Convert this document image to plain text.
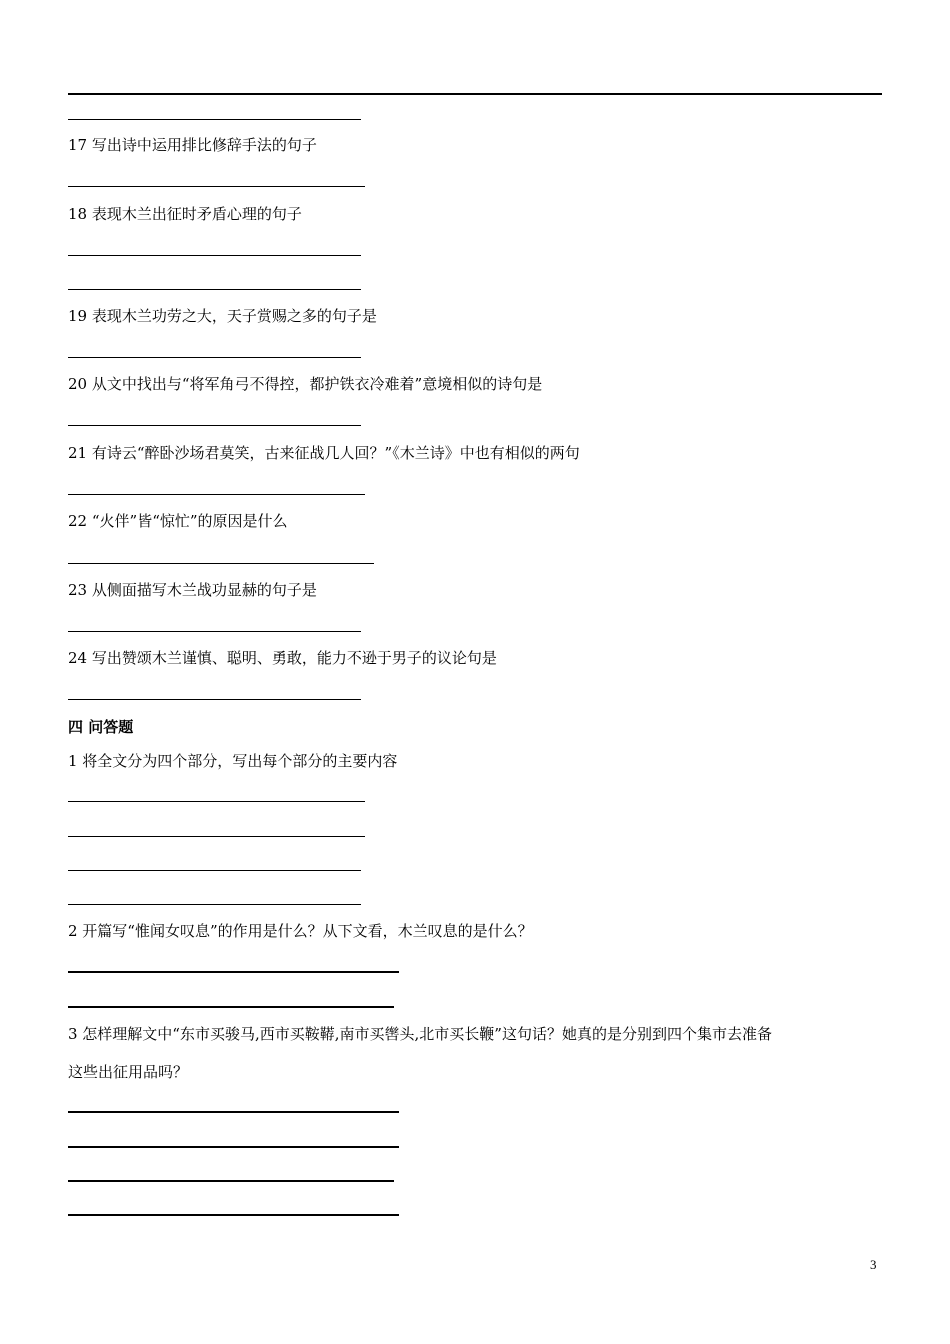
17 写出诗中运用排比修辞手法的句子

18 表现木兰出征时矛盾心理的句子

19 表现木兰功劳之大，天子赏赐之多的句子是

20 从文中找出与“将军角弓不得控，都护铁衣冷难着”意境相似的诗句是

21 有诗云“醉卧沙场君莫笑，古来征战几人回？”《木兰诗》中也有相似的两句

22 “火伴”皆“惊忙”的原因是什么

23 从侧面描写木兰战功显赫的句子是

24 写出赞颂木兰谨慎、聪明、勇敢，能力不逊于男子的议论句是

四 问答题

1 将全文分为四个部分，写出每个部分的主要内容

2 开篇写“惟闻女叹息”的作用是什么？从下文看，木兰叹息的是什么？

3 怎样理解文中“东市买骏马,西市买鞍鞯,南市买辔头,北市买长鞭”这句话？她真的是分别到四个集市去准备

这些出征用品吗？

3
